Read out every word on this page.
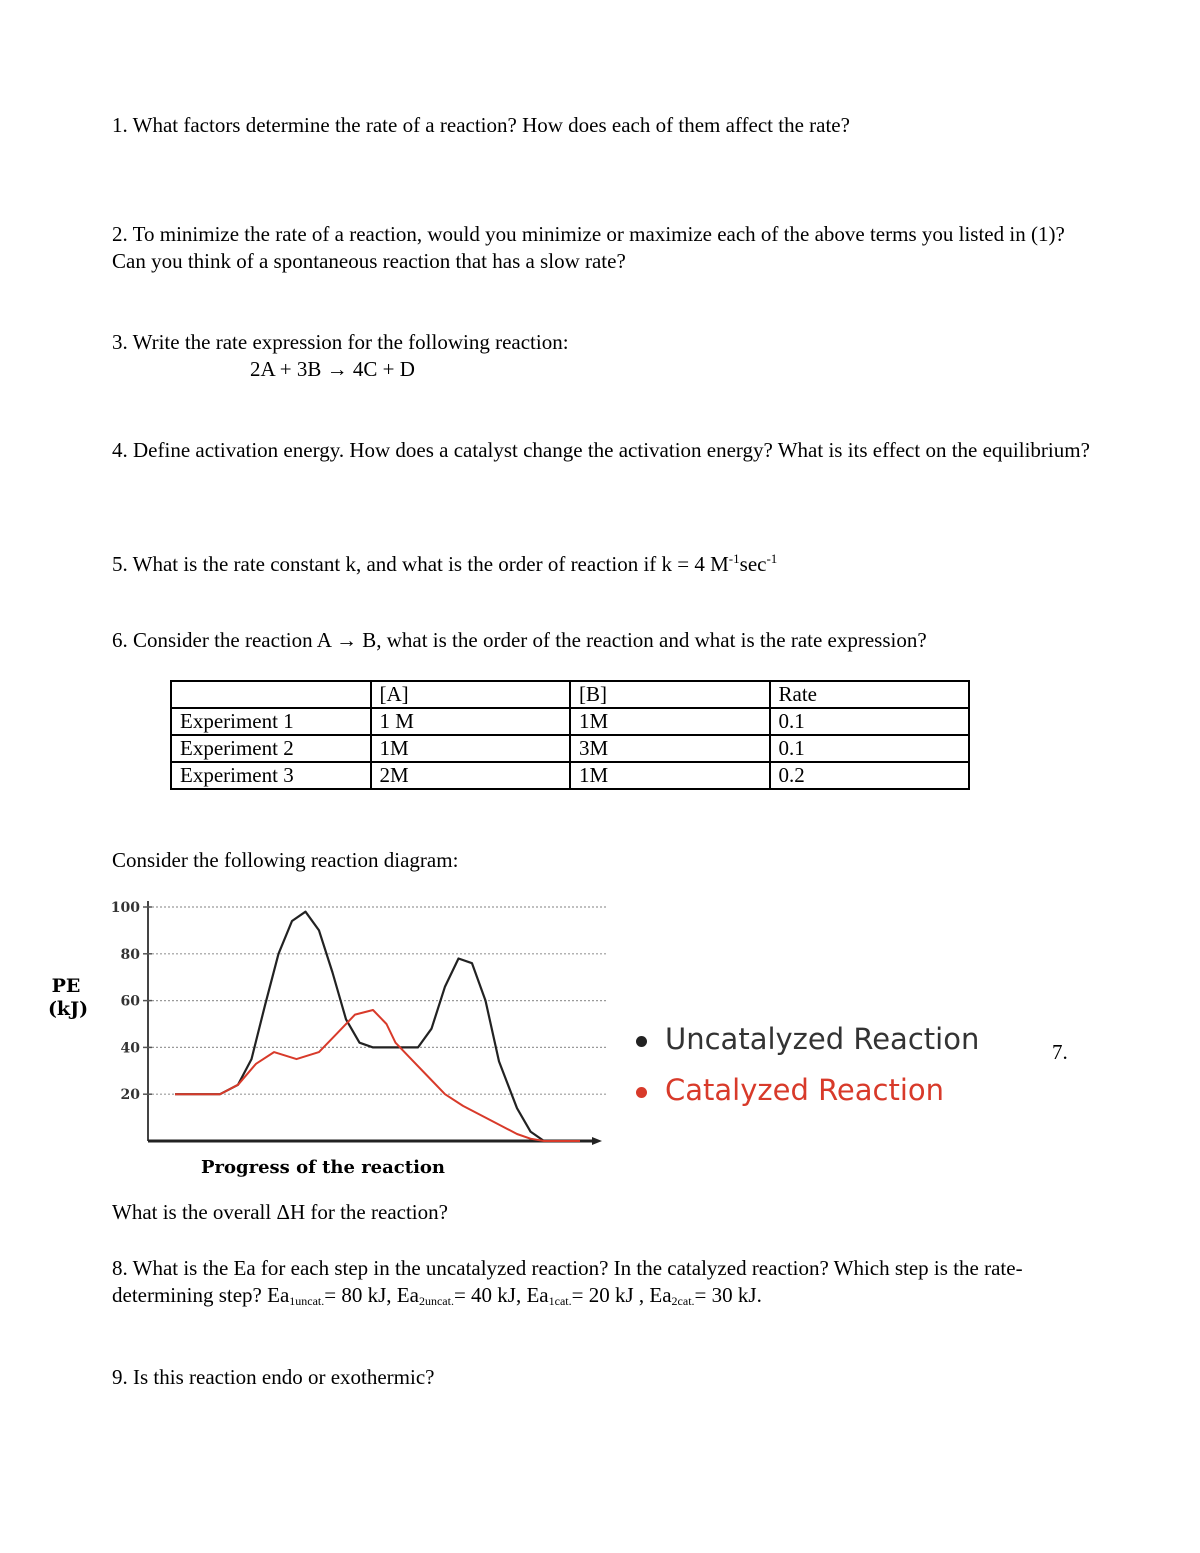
1. What factors determine the rate of a reaction? How does each of them affect the rate?
2. To minimize the rate of a reaction, would you minimize or maximize each of the above terms you listed in (1)? Can you think of a spontaneous reaction that has a slow rate?
3. Write the rate expression for the following reaction:
2A + 3B → 4C + D
4. Define activation energy. How does a catalyst change the activation energy? What is its effect on the equilibrium?
5. What is the rate constant k, and what is the order of reaction if k = 4 $M^{-1}\sec^{-1}$
6. Consider the reaction A → B, what is the order of the reaction and what is the rate expression?
	[A]	[B]	Rate
Experiment 1	1 M	1M	0.1
Experiment 2	1M	3M	0.1
Experiment 3	2M	1M	0.2
Consider the following reaction diagram:
20
40
60
80
100
PE
(kJ)
Progress of the reaction
Uncatalyzed Reaction
Catalyzed Reaction
7.
What is the overall ΔH for the reaction?
8. What is the Ea for each step in the uncatalyzed reaction? In the catalyzed reaction? Which step is the rate-determining step? $Ea_{1uncat.}= 80$ kJ, $Ea_{2uncat.}= 40$ kJ, $Ea_{1cat.}= 20$ kJ , $Ea_{2cat.}= 30$ kJ.
9. Is this reaction endo or exothermic?
